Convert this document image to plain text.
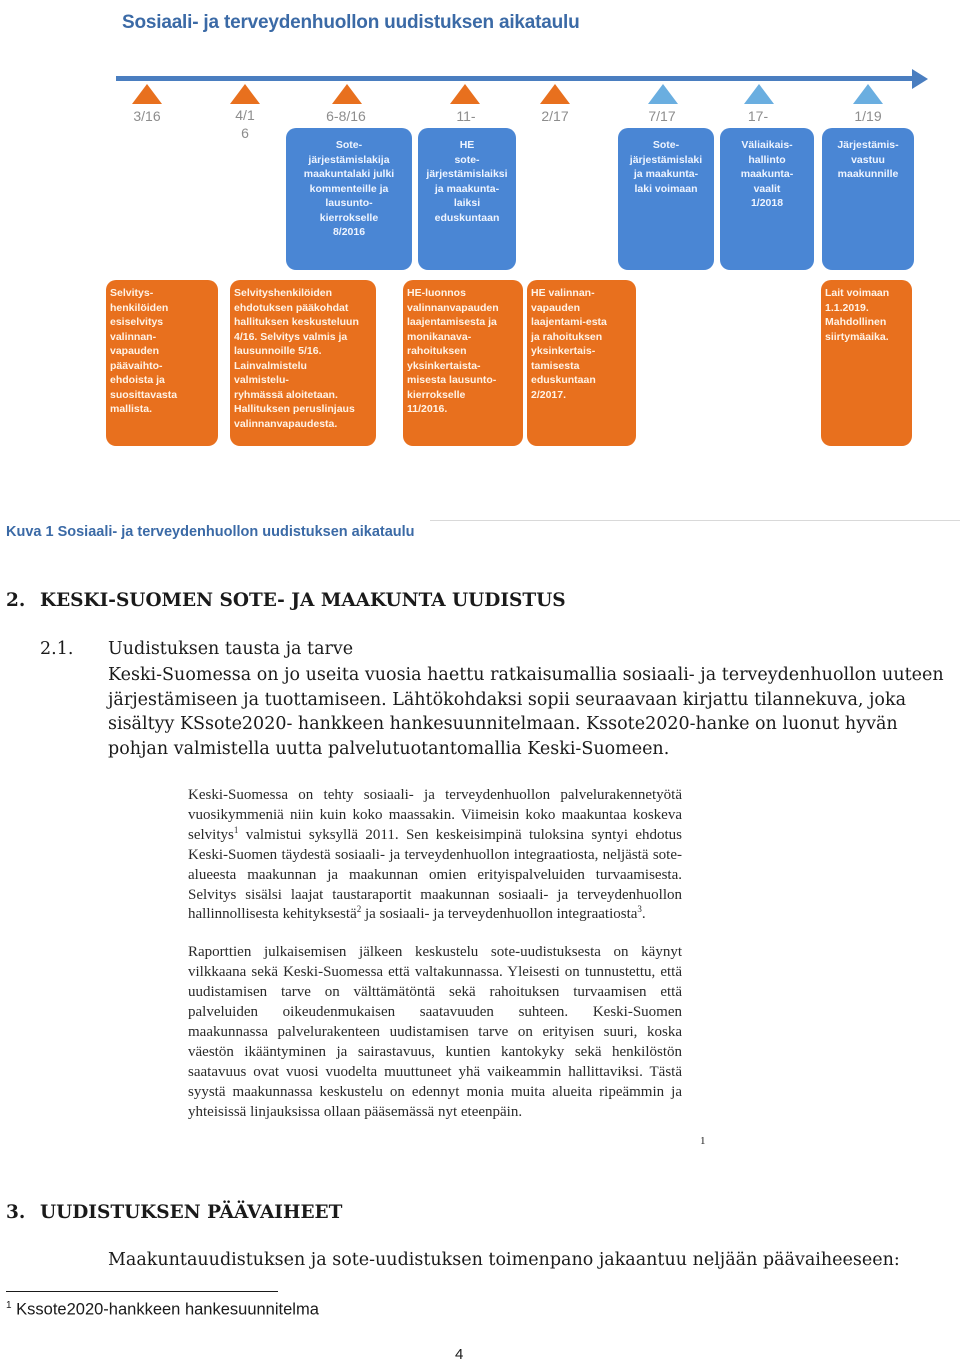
Sosiaali- ja terveydenhuollon uudistuksen aikataulu
3/16	4/1
6
6-8/16	11-	2/17	7/17	17-	1/19
Sote-
järjestämislakija
maakuntalaki julki
kommenteille ja
lausunto-
kierrokselle
8/2016
HE
sote-
järjestämislaiksi
ja maakunta-
laiksi
eduskuntaan
Sote-
järjestämislaki
ja maakunta-
laki voimaan
Väliaikais-
hallinto
maakunta-
vaalit
1/2018
Järjestämis-
vastuu
maakunnille
Selvitys-
henkilöiden
esiselvitys
valinnan-
vapauden
päävaihto-
ehdoista ja
suosittavasta
mallista.
Selvityshenkilöiden
ehdotuksen pääkohdat
hallituksen keskusteluun
4/16. Selvitys valmis ja
lausunnoille 5/16.
Lainvalmistelu
valmistelu-
ryhmässä aloitetaan.
Hallituksen peruslinjaus
valinnanvapaudesta.
HE-luonnos
valinnanvapauden
laajentamisesta ja
monikanava-
rahoituksen
yksinkertaista-
misesta lausunto-
kierrokselle
11/2016.
HE valinnan-
vapauden
laajentami-esta
ja rahoituksen
yksinkertais-
tamisesta
eduskuntaan
2/2017.
Lait voimaan
1.1.2019.
Mahdollinen
siirtymäaika.
Kuva 1 Sosiaali- ja terveydenhuollon uudistuksen aikataulu
2. KESKI-SUOMEN SOTE- JA MAAKUNTA UUDISTUS
2.1. Uudistuksen tausta ja tarve
Keski-Suomessa on jo useita vuosia haettu ratkaisumallia sosiaali- ja terveydenhuollon uuteen järjestämiseen ja tuottamiseen. Lähtökohdaksi sopii seuraavaan kirjattu tilannekuva, joka sisältyy KSsote2020- hankkeen hankesuunnitelmaan. Kssote2020-hanke on luonut hyvän pohjan valmistella uutta palvelutuotantomallia Keski-Suomeen.

Keski-Suomessa on tehty sosiaali- ja terveydenhuollon palvelurakennetyötä vuosikymmeniä niin kuin koko maassakin. Viimeisin koko maakuntaa koskeva selvitys$^1$ valmistui syksyllä 2011. Sen keskeisimpinä tuloksina syntyi ehdotus Keski-Suomen täydestä sosiaali- ja terveydenhuollon integraatiosta, neljästä sote-alueesta maakunnan ja maakunnan omien erityispalveluiden turvaamisesta. Selvitys sisälsi laajat taustaraportit maakunnan sosiaali- ja terveydenhuollon hallinnollisesta kehityksestä$^2$ ja sosiaali- ja terveydenhuollon integraatiosta$^3$.

Raporttien julkaisemisen jälkeen keskustelu sote-uudistuksesta on käynyt vilkkaana sekä Keski-Suomessa että valtakunnassa. Yleisesti on tunnustettu, että uudistamisen tarve on välttämätöntä sekä rahoituksen turvaamisen että palveluiden oikeudenmukaisen saatavuuden suhteen. Keski-Suomen maakunnassa palvelurakenteen uudistamisen tarve on erityisen suuri, koska väestön ikääntyminen ja sairastavuus, kuntien kantokyky sekä henkilöstön saatavuus ovat vuosi vuodelta muuttuneet yhä vaikeammin hallittaviksi. Tästä syystä maakunnassa keskustelu on edennyt monia muita alueita ripeämmin ja yhteisissä linjauksissa ollaan pääsemässä nyt eteenpäin.

1
3. UUDISTUKSEN PÄÄVAIHEET
Maakuntauudistuksen ja sote-uudistuksen toimenpano jakaantuu neljään päävaiheeseen:
$^1$ Kssote2020-hankkeen hankesuunnitelma
4
